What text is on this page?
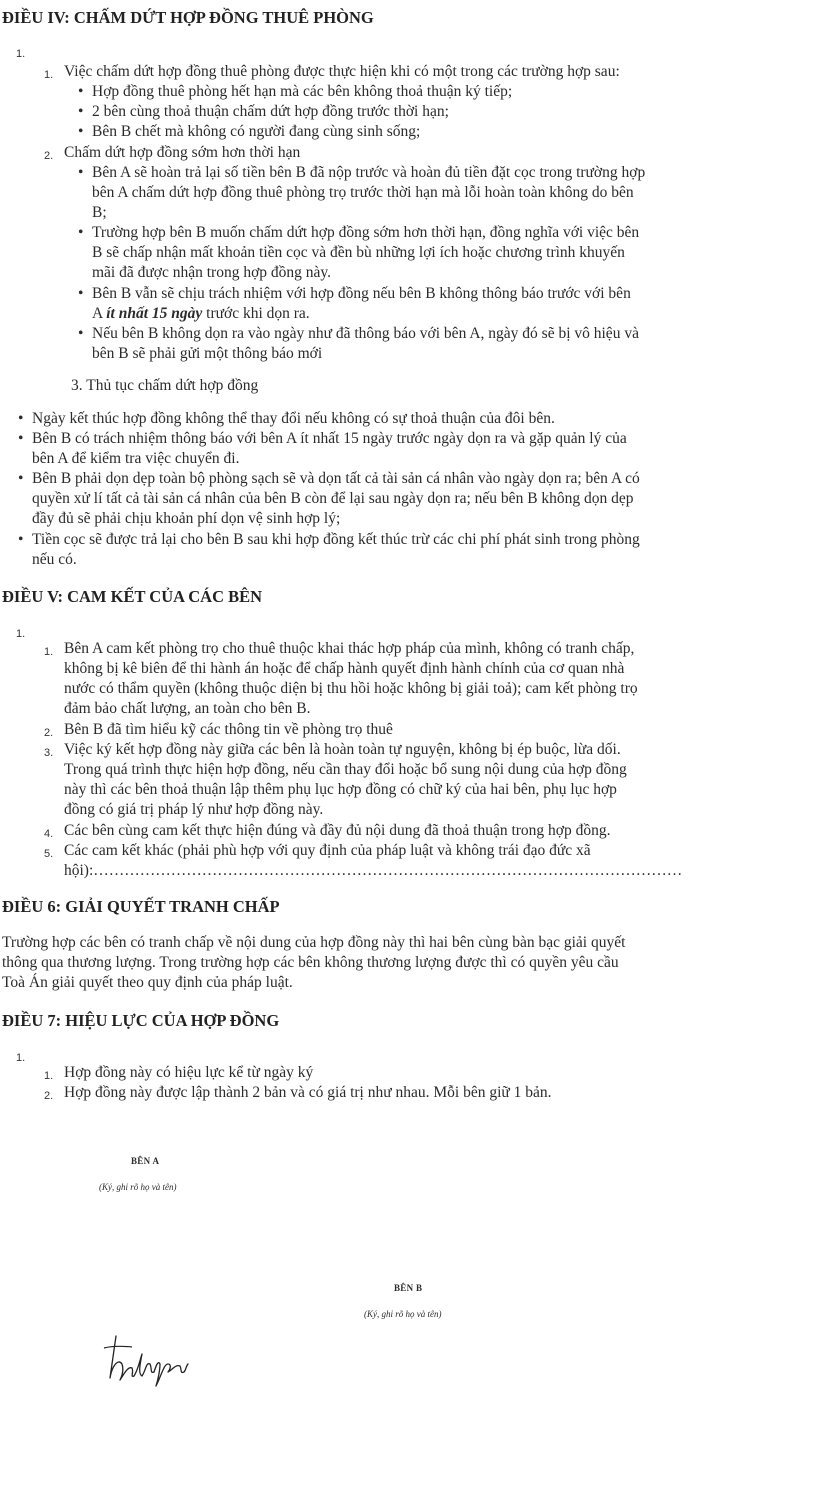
ĐIỀU IV: CHẤM DỨT HỢP ĐỒNG THUÊ PHÒNG
1.
1. Việc chấm dứt hợp đồng thuê phòng được thực hiện khi có một trong các trường hợp sau:
• Hợp đồng thuê phòng hết hạn mà các bên không thoả thuận ký tiếp;
• 2 bên cùng thoả thuận chấm dứt hợp đồng trước thời hạn;
• Bên B chết mà không có người đang cùng sinh sống;
2. Chấm dứt hợp đồng sớm hơn thời hạn
• Bên A sẽ hoàn trả lại số tiền bên B đã nộp trước và hoàn đủ tiền đặt cọc trong trường hợp

bên A chấm dứt hợp đồng thuê phòng trọ trước thời hạn mà lỗi hoàn toàn không do bên

B;

• Trường hợp bên B muốn chấm dứt hợp đồng sớm hơn thời hạn, đồng nghĩa với việc bên

B sẽ chấp nhận mất khoản tiền cọc và đền bù những lợi ích hoặc chương trình khuyến

mãi đã được nhận trong hợp đồng này.

• Bên B vẫn sẽ chịu trách nhiệm với hợp đồng nếu bên B không thông báo trước với bên

A ít nhất 15 ngày trước khi dọn ra.

• Nếu bên B không dọn ra vào ngày như đã thông báo với bên A, ngày đó sẽ bị vô hiệu và

bên B sẽ phải gửi một thông báo mới

3. Thủ tục chấm dứt hợp đồng
• Ngày kết thúc hợp đồng không thể thay đổi nếu không có sự thoả thuận của đôi bên.

• Bên B có trách nhiệm thông báo với bên A ít nhất 15 ngày trước ngày dọn ra và gặp quản lý của

bên A để kiểm tra việc chuyển đi.

• Bên B phải dọn dẹp toàn bộ phòng sạch sẽ và dọn tất cả tài sản cá nhân vào ngày dọn ra; bên A có

quyền xử lí tất cả tài sản cá nhân của bên B còn để lại sau ngày dọn ra; nếu bên B không dọn dẹp

đầy đủ sẽ phải chịu khoản phí dọn vệ sinh hợp lý;

• Tiền cọc sẽ được trả lại cho bên B sau khi hợp đồng kết thúc trừ các chi phí phát sinh trong phòng

nếu có.

ĐIỀU V: CAM KẾT CỦA CÁC BÊN
1.
1. Bên A cam kết phòng trọ cho thuê thuộc khai thác hợp pháp của mình, không có tranh chấp,

không bị kê biên để thi hành án hoặc để chấp hành quyết định hành chính của cơ quan nhà

nước có thẩm quyền (không thuộc diện bị thu hồi hoặc không bị giải toả); cam kết phòng trọ

đảm bảo chất lượng, an toàn cho bên B.

2. Bên B đã tìm hiểu kỹ các thông tin về phòng trọ thuê

3. Việc ký kết hợp đồng này giữa các bên là hoàn toàn tự nguyện, không bị ép buộc, lừa dối.

Trong quá trình thực hiện hợp đồng, nếu cần thay đổi hoặc bổ sung nội dung của hợp đồng

này thì các bên thoả thuận lập thêm phụ lục hợp đồng có chữ ký của hai bên, phụ lục hợp

đồng có giá trị pháp lý như hợp đồng này.

4. Các bên cùng cam kết thực hiện đúng và đầy đủ nội dung đã thoả thuận trong hợp đồng.

5. Các cam kết khác (phải phù hợp với quy định của pháp luật và không trái đạo đức xã

hội):……………………………………………………………………………………………………

ĐIỀU 6: GIẢI QUYẾT TRANH CHẤP

Trường hợp các bên có tranh chấp về nội dung của hợp đồng này thì hai bên cùng bàn bạc giải quyết

thông qua thương lượng. Trong trường hợp các bên không thương lượng được thì có quyền yêu cầu

Toà Án giải quyết theo quy định của pháp luật.

ĐIỀU 7: HIỆU LỰC CỦA HỢP ĐỒNG
1.
1. Hợp đồng này có hiệu lực kể từ ngày ký
2. Hợp đồng này được lập thành 2 bản và có giá trị như nhau. Mỗi bên giữ 1 bản.
BÊN A
(Ký, ghi rõ họ và tên)
BÊN B
(Ký, ghi rõ họ và tên)
